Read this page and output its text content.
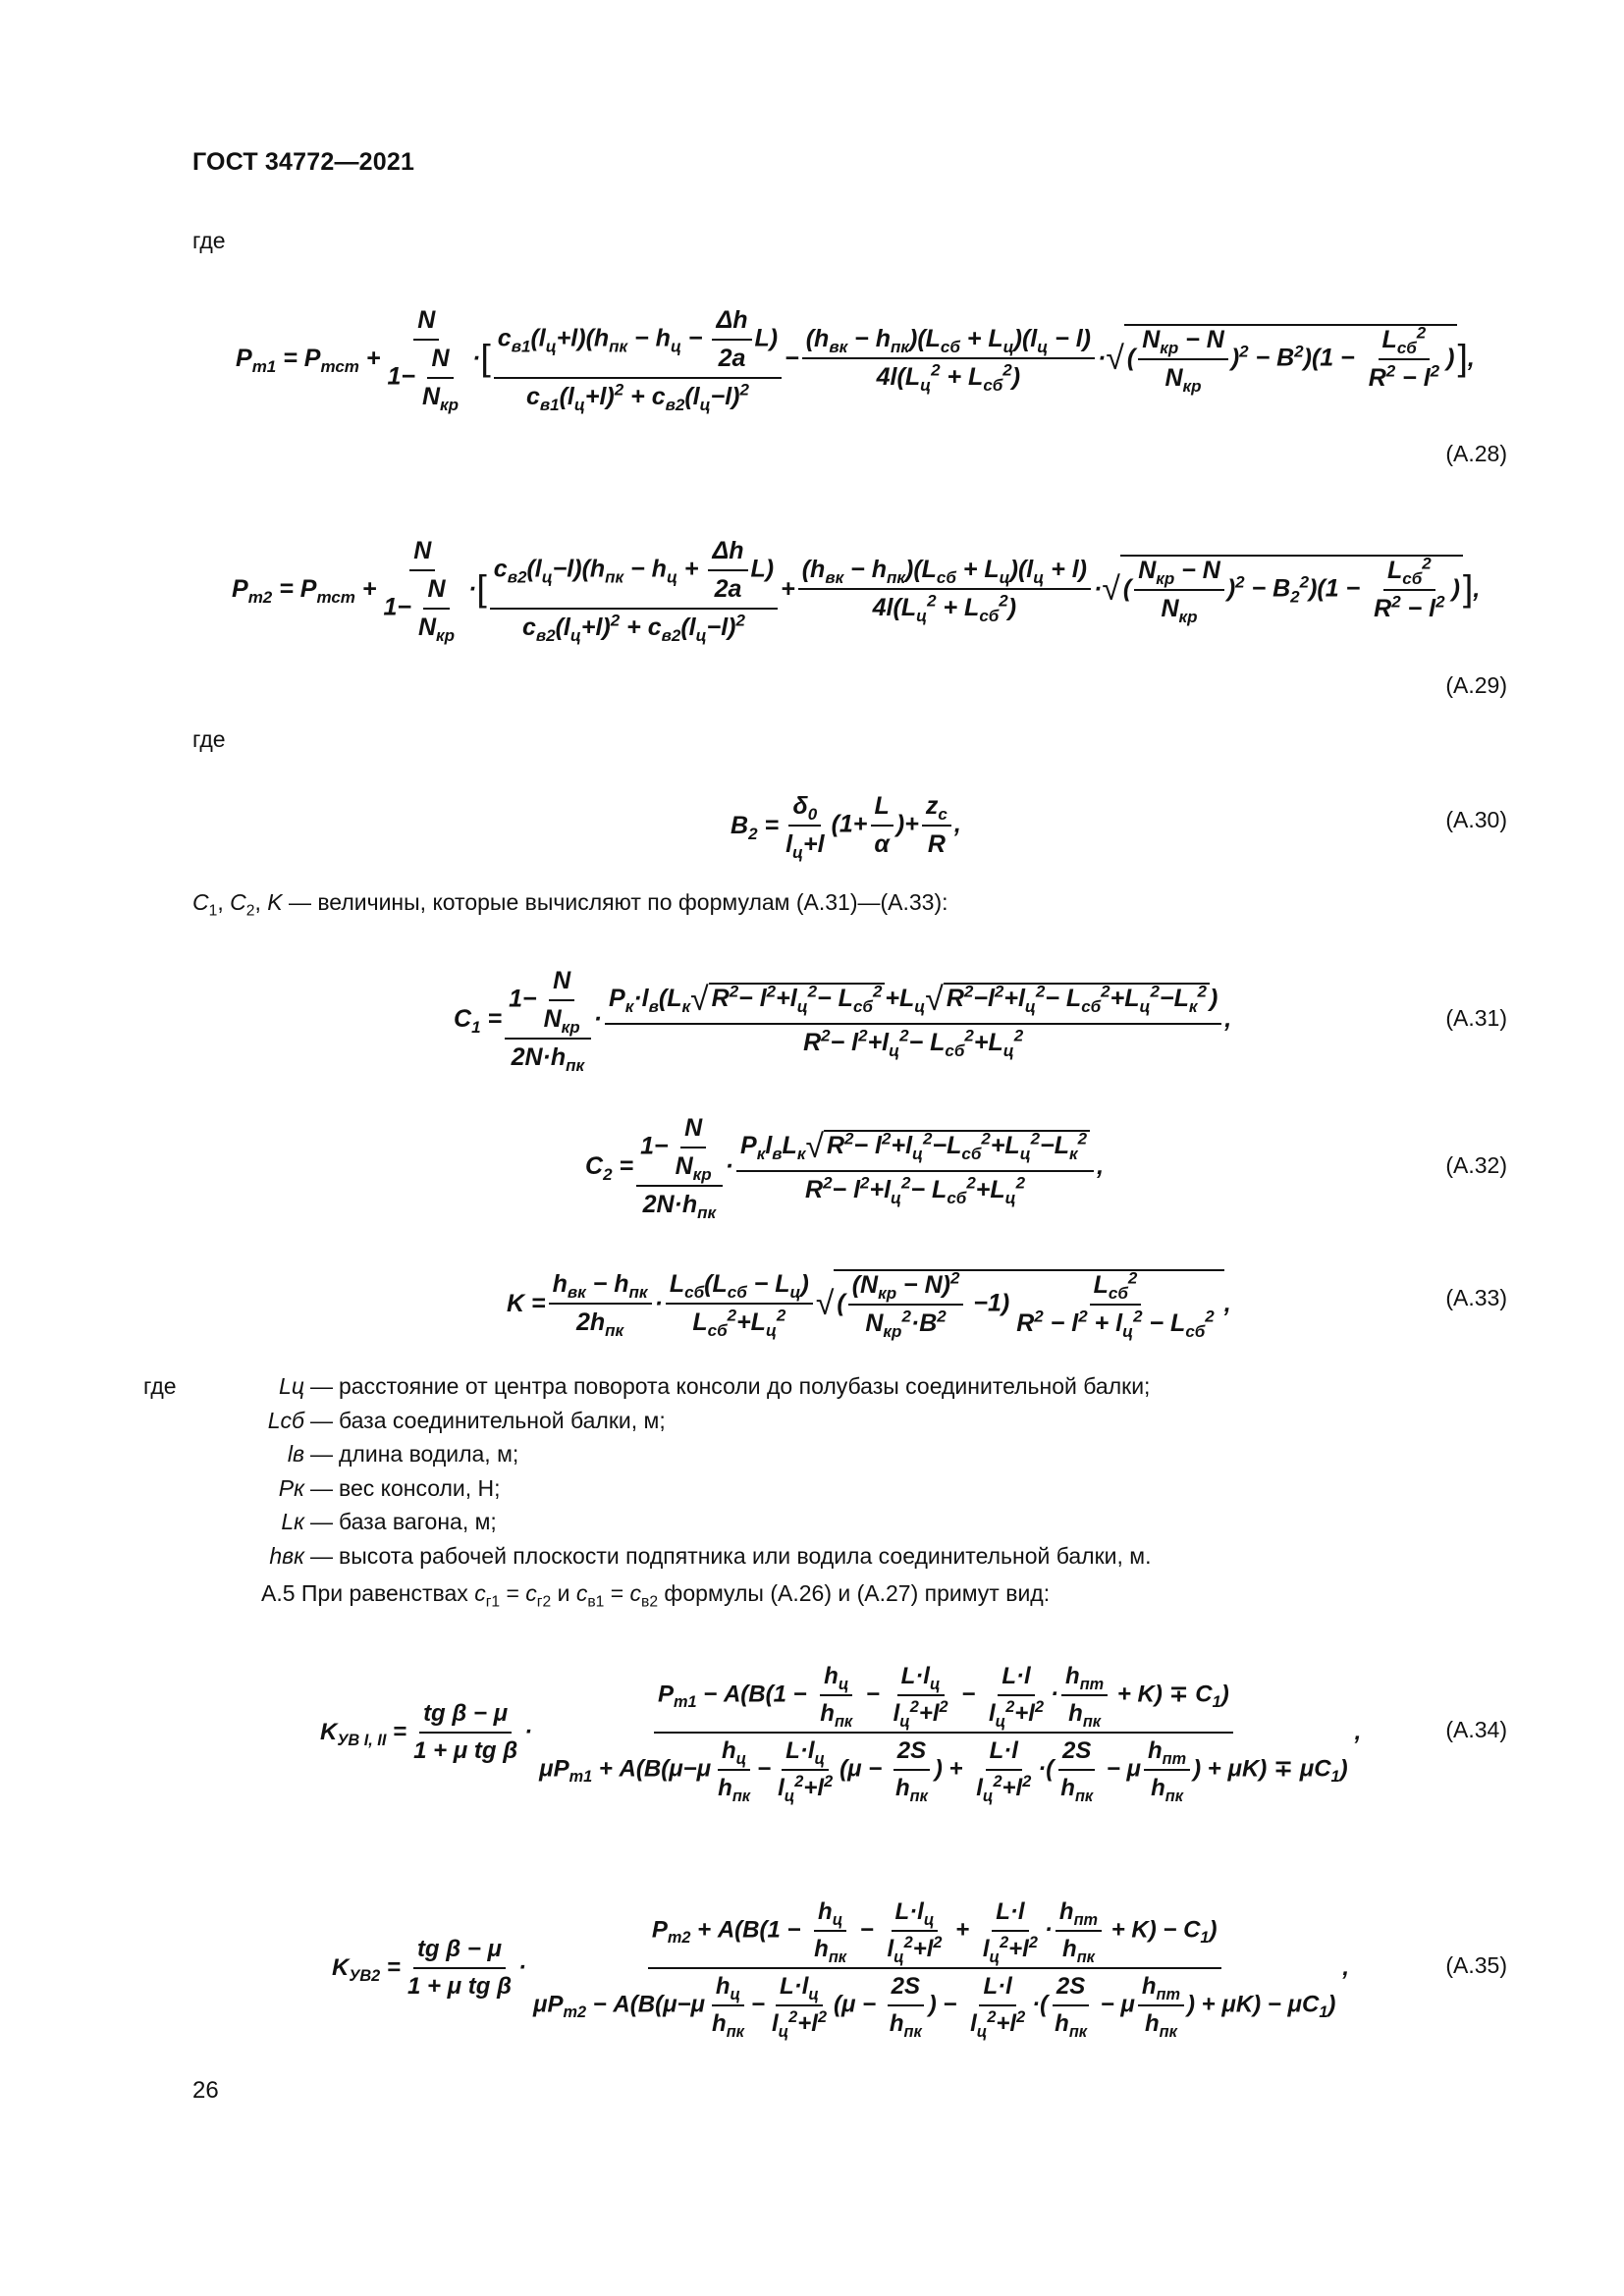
ГОСТ 34772—2021
где
$P_{т1} = P_{тст} + \frac{N}{1- \frac{N}{N_{кр}}}$ · [ $\frac{c_{в1}(l_ц+l)(h_{пк} - h_ц - \frac{\Delta h}{2a} L)}{c_{в1}(l_ц+l)^2 + c_{в2}(l_ц-l)^2} - \frac{(h_{вк} - h_{пк})(L_{сб} + L_ц)(l_ц - l)}{4l(L_ц^2 + L_{сб}^2)}$ · √ ( $\frac{N_{кр} - N}{N_{кр}} )^2 - B^2)(1 - \frac{L_{сб}^2}{R^2 - l^2}$ ) ] ,
(A.28)
$P_{т2} = P_{тст} + \frac{N}{1- \frac{N}{N_{кр}}}$ · [ $\frac{c_{в2}(l_ц-l)(h_{пк} - h_ц + \frac{\Delta h}{2a} L)}{c_{в2}(l_ц+l)^2 + c_{в2}(l_ц-l)^2} + \frac{(h_{вк} - h_{пк})(L_{сб} + L_ц)(l_ц + l)}{4l(L_ц^2 + L_{сб}^2)}$ · √ ( $\frac{N_{кр} - N}{N_{кр}} )^2 - B_2^2)(1 - \frac{L_{сб}^2}{R^2 - l^2}$ ) ] ,
(A.29)
где
$B_2 = \frac{\delta_0}{l_ц+l} (1+ \frac{L}{\alpha}$ )+ $\frac{z_c}{R}$ ,	(A.30)
$C_1$, $C_2$, K — величины, которые вычисляют по формулам (A.31)—(A.33):
$C_1 = \frac{1- \frac{N}{N_{кр}}}{2N\cdot h_{пк}} \cdot \frac{P_к\cdot l_в(L_к√ R^2- l^2+l_ц^2- L_{сб}^2 +L_ц√ R^2-l^2+l_ц^2- L_{сб}^2+L_ц^2-L_к^2 )}{R^2- l^2+l_ц^2- L_{сб}^2+L_ц^2}$ ,	(A.31)
$C_2 = \frac{1- \frac{N}{N_{кр}}}{2N\cdot h_{пк}} \cdot \frac{P_кl_вL_к√ R^2- l^2+l_ц^2-L_{сб}^2+L_ц^2-L_к^2}{R^2- l^2+l_ц^2- L_{сб}^2+L_ц^2}$ ,	(A.32)
$K = \frac{h_{вк} - h_{пк}}{2h_{пк}} \cdot \frac{L_{сб}(L_{сб} - L_ц)}{L_{сб}^2+L_ц^2}$ √ ( $\frac{(N_{кр} - N)^2}{N_{кр}^2\cdot B^2} -1) \frac{L_{сб}^2}{R^2 - l^2 + l_ц^2 - L_{сб}^2}$ ,	(A.33)
где	Lц — расстояние от центра поворота консоли до полубазы соединительной балки;
Lсб — база соединительной балки, м;
lв — длина водила, м;
Pк — вес консоли, Н;
Lк — база вагона, м;
hвк — высота рабочей плоскости подпятника или водила соединительной балки, м.
A.5 При равенствах $c_{г1} = c_{г2}$ и $c_{в1} = c_{в2}$ формулы (A.26) и (A.27) примут вид:
$K_{УВ I, II} = \frac{\text{tg β − μ}}{\text{1 + μ tg β}}$ ·
$P_{т1} - A(B(1 - \frac{h_ц}{h_{пк}} - \frac{L\cdot l_ц}{l_ц^2+l^2} - \frac{L\cdot l}{l_ц^2+l^2} \cdot \frac{h_{пт}}{h_{пк}} + K) \mp C_1)$
$\mu P_{т1} + A(B(\mu-\mu \frac{h_ц}{h_{пк}} - \frac{L\cdot l_ц}{l_ц^2+l^2} (\mu - \frac{2S}{h_{пк}}$ ) + $\frac{L\cdot l}{l_ц^2+l^2}$ ·( $\frac{2S}{h_{пк}} - \mu \frac{h_{пт}}{h_{пк}}$ ) + $\mu K) \mp \mu C_1$)
,	(A.34)
$K_{УВ2} = \frac{\text{tg β − μ}}{\text{1 + μ tg β}}$ ·
$P_{т2} + A(B(1 - \frac{h_ц}{h_{пк}} - \frac{L\cdot l_ц}{l_ц^2+l^2} + \frac{L\cdot l}{l_ц^2+l^2} \cdot \frac{h_{пт}}{h_{пк}} + K) - C_1)$
$\mu P_{т2} - A(B(\mu-\mu \frac{h_ц}{h_{пк}} - \frac{L\cdot l_ц}{l_ц^2+l^2} (\mu - \frac{2S}{h_{пк}}$ ) − $\frac{L\cdot l}{l_ц^2+l^2}$ ·( $\frac{2S}{h_{пк}} - \mu \frac{h_{пт}}{h_{пк}}$ ) + $\mu K) - \mu C_1$)
,	(A.35)
26
